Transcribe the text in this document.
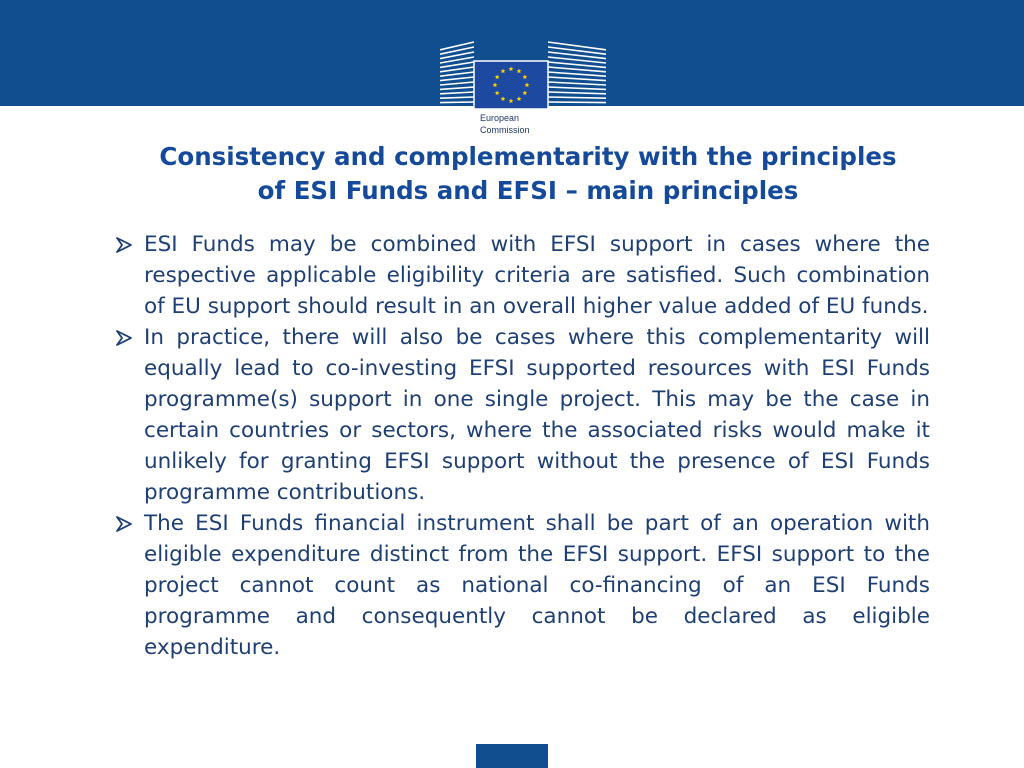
European
Commission
Consistency and complementarity with the principles
of ESI Funds and EFSI – main principles
ESI Funds may be combined with EFSI support in cases where the respective applicable eligibility criteria are satisfied. Such combination of EU support should result in an overall higher value added of EU funds.
In practice, there will also be cases where this complementarity will equally lead to co-investing EFSI supported resources with ESI Funds programme(s) support in one single project. This may be the case in certain countries or sectors, where the associated risks would make it unlikely for granting EFSI support without the presence of ESI Funds programme contributions.
The ESI Funds financial instrument shall be part of an operation with eligible expenditure distinct from the EFSI support. EFSI support to the project cannot count as national co-financing of an ESI Funds programme and consequently cannot be declared as eligible expenditure.
